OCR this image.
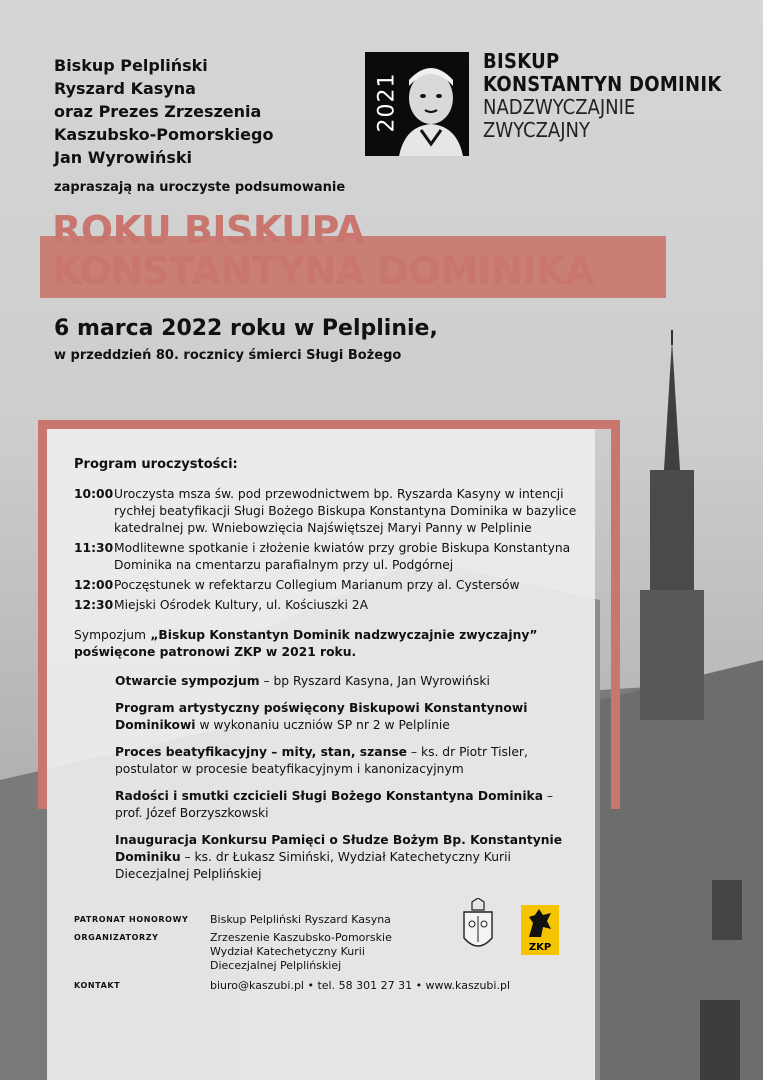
Biskup Pelpliński
Ryszard Kasyna
oraz Prezes Zrzeszenia
Kaszubsko-Pomorskiego
Jan Wyrowiński
2021
BISKUP
KONSTANTYN DOMINIK
NADZWYCZAJNIE
ZWYCZAJNY
zapraszają na uroczyste podsumowanie
ROKU BISKUPA
KONSTANTYNA DOMINIKA
6 marca 2022 roku w Pelplinie,
w przeddzień 80. rocznicy śmierci Sługi Bożego
Program uroczystości:
10:00 Uroczysta msza św. pod przewodnictwem bp. Ryszarda Kasyny w intencji rychłej beatyfikacji Sługi Bożego Biskupa Konstantyna Dominika w bazylice katedralnej pw. Wniebowzięcia Najświętszej Maryi Panny w Pelplinie
11:30 Modlitewne spotkanie i złożenie kwiatów przy grobie Biskupa Konstantyna Dominika na cmentarzu parafialnym przy ul. Podgórnej
12:00 Poczęstunek w refektarzu Collegium Marianum przy al. Cystersów
12:30 Miejski Ośrodek Kultury, ul. Kościuszki 2A
Sympozjum „Biskup Konstantyn Dominik nadzwyczajnie zwyczajny”
poświęcone patronowi ZKP w 2021 roku.
Otwarcie sympozjum – bp Ryszard Kasyna, Jan Wyrowiński
Program artystyczny poświęcony Biskupowi Konstantynowi Dominikowi w wykonaniu uczniów SP nr 2 w Pelplinie
Proces beatyfikacyjny – mity, stan, szanse – ks. dr Piotr Tisler, postulator w procesie beatyfikacyjnym i kanonizacyjnym
Radości i smutki czcicieli Sługi Bożego Konstantyna Dominika – prof. Józef Borzyszkowski
Inauguracja Konkursu Pamięci o Słudze Bożym Bp. Konstantynie Dominiku – ks. dr Łukasz Simiński, Wydział Katechetyczny Kurii Diecezjalnej Pelplińskiej
PATRONAT HONOROWY	Biskup Pelpliński Ryszard Kasyna
ORGANIZATORZY	Zrzeszenie Kaszubsko-Pomorskie
Wydział Katechetyczny Kurii
Diecezjalnej Pelplińskiej
KONTAKT	biuro@kaszubi.pl • tel. 58 301 27 31 • www.kaszubi.pl
ZKP
